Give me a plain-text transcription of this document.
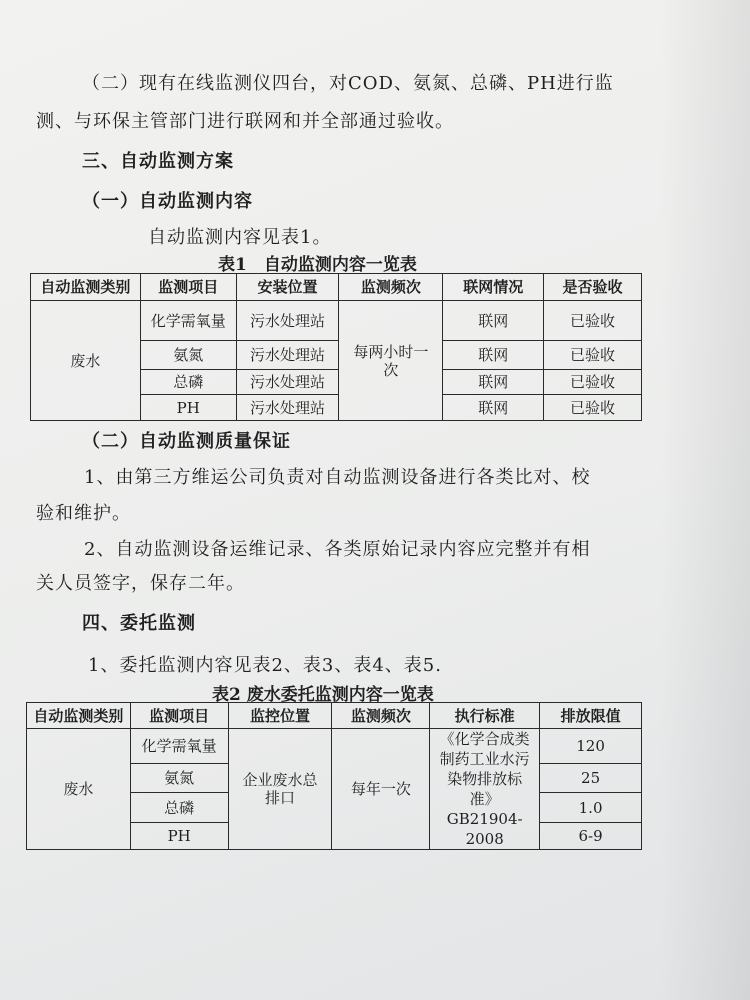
（二）现有在线监测仪四台，对COD、氨氮、总磷、PH进行监
测、与环保主管部门进行联网和并全部通过验收。
三、自动监测方案
（一）自动监测内容
自动监测内容见表1。
表1　自动监测内容一览表
自动监测类别	监测项目	安装位置	监测频次	联网情况	是否验收
废水	化学需氧量	污水处理站	每两小时一次	联网	已验收
	氨氮	污水处理站		联网	已验收
	总磷	污水处理站		联网	已验收
	PH	污水处理站		联网	已验收
（二）自动监测质量保证
1、由第三方维运公司负责对自动监测设备进行各类比对、校
验和维护。
2、自动监测设备运维记录、各类原始记录内容应完整并有相
关人员签字，保存二年。
四、委托监测
1、委托监测内容见表2、表3、表4、表5.
表2 废水委托监测内容一览表
自动监测类别	监测项目	监控位置	监测频次	执行标准	排放限值
废水	化学需氧量	企业废水总排口	每年一次	《化学合成类制药工业水污染物排放标准》GB21904-2008	120
	氨氮				25
	总磷				1.0
	PH				6-9
